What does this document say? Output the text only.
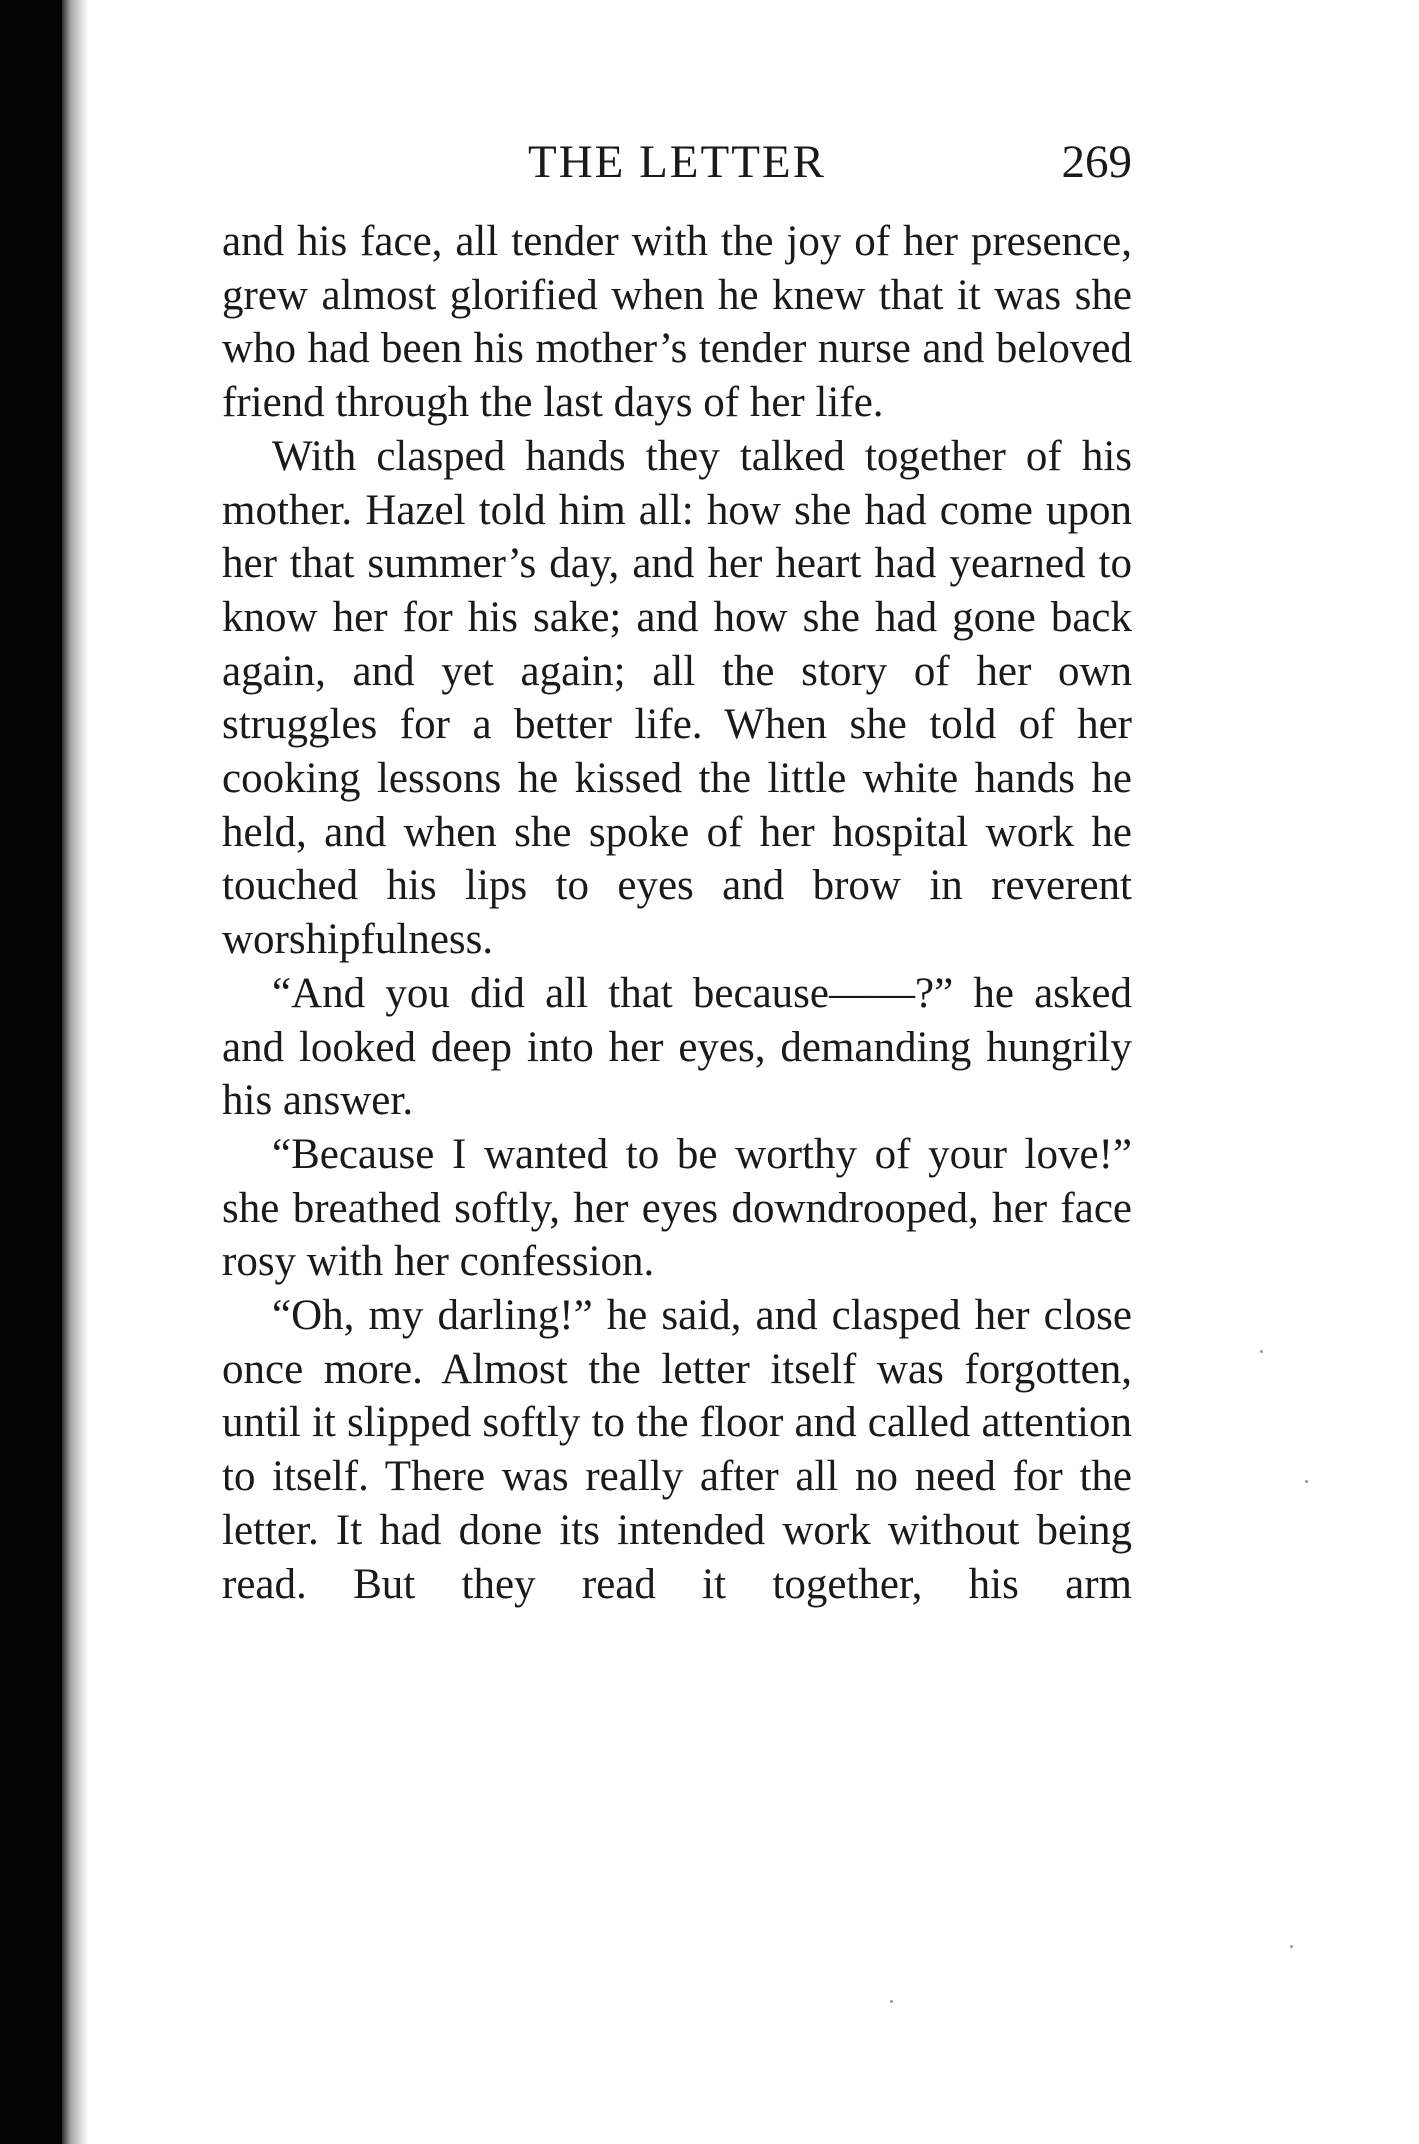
THE LETTER	269

and his face, all tender with the joy of her presence, grew almost glorified when he knew that it was she who had been his mother’s tender nurse and beloved friend through the last days of her life.

With clasped hands they talked together of his mother. Hazel told him all: how she had come upon her that summer’s day, and her heart had yearned to know her for his sake; and how she had gone back again, and yet again; all the story of her own struggles for a better life. When she told of her cooking lessons he kissed the little white hands he held, and when she spoke of her hospital work he touched his lips to eyes and brow in reverent worshipfulness.

“And you did all that because——?” he asked and looked deep into her eyes, demanding hungrily his answer.

“Because I wanted to be worthy of your love!” she breathed softly, her eyes downdrooped, her face rosy with her confession.

“Oh, my darling!” he said, and clasped her close once more. Almost the letter itself was forgotten, until it slipped softly to the floor and called attention to itself. There was really after all no need for the letter. It had done its intended work without being read. But they read it together, his arm
